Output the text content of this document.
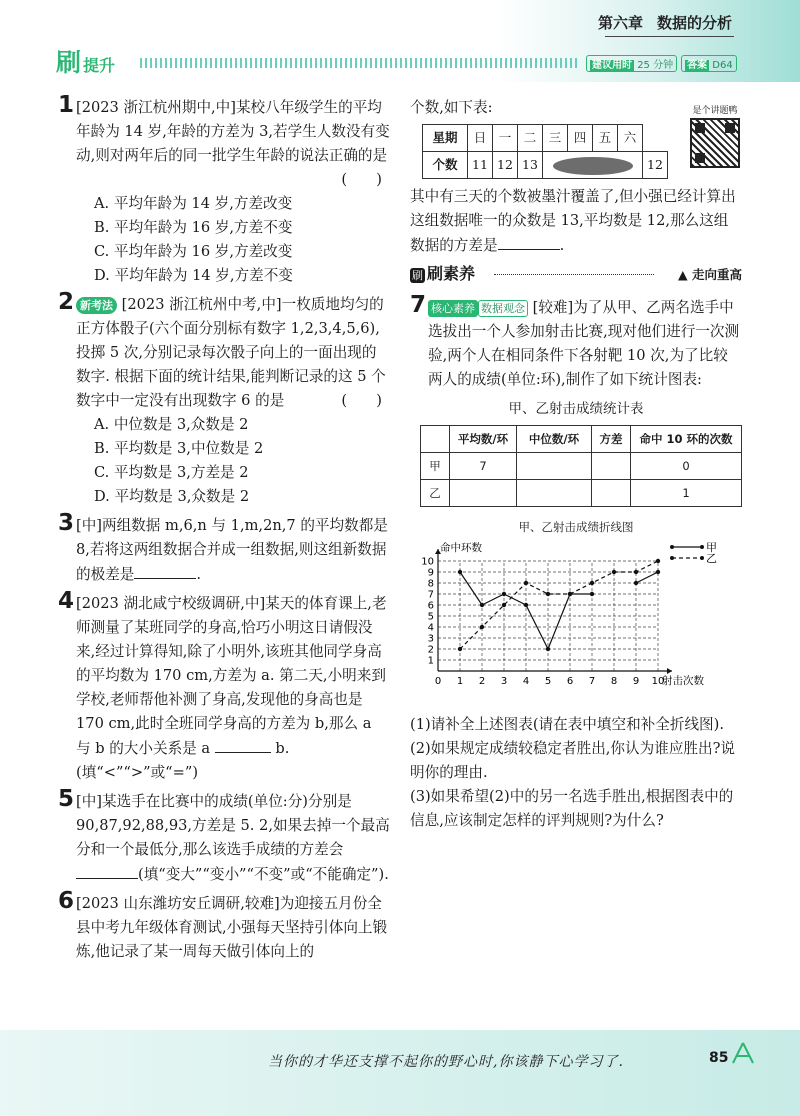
第六章 数据的分析
刷提升	建议用时 25 分钟 答案 D64
1 [2023 浙江杭州期中,中]某校八年级学生的平均年龄为 14 岁,年龄的方差为 3,若学生人数没有变动,则对两年后的同一批学生年龄的说法正确的是
(　　)
A. 平均年龄为 14 岁,方差改变
B. 平均年龄为 16 岁,方差不变
C. 平均年龄为 16 岁,方差改变
D. 平均年龄为 14 岁,方差不变
2 新考法 [2023 浙江杭州中考,中]一枚质地均匀的正方体骰子(六个面分别标有数字 1,2,3,4,5,6),投掷 5 次,分别记录每次骰子向上的一面出现的数字. 根据下面的统计结果,能判断记录的这 5 个数字中一定没有出现数字 6 的是	(　　)
A. 中位数是 3,众数是 2
B. 平均数是 3,中位数是 2
C. 平均数是 3,方差是 2
D. 平均数是 3,众数是 2
3 [中]两组数据 m,6,n 与 1,m,2n,7 的平均数都是 8,若将这两组数据合并成一组数据,则这组新数据的极差是	.
4 [2023 湖北咸宁校级调研,中]某天的体育课上,老师测量了某班同学的身高,恰巧小明这日请假没来,经过计算得知,除了小明外,该班其他同学身高的平均数为 170 cm,方差为 a. 第二天,小明来到学校,老师帮他补测了身高,发现他的身高也是 170 cm,此时全班同学身高的方差为 b,那么 a 与 b 的大小关系是 a	b.
(填“<”“>”或“=”)
5 [中]某选手在比赛中的成绩(单位:分)分别是 90,87,92,88,93,方差是 5. 2,如果去掉一个最高分和一个最低分,那么该选手成绩的方差会 (填“变大”“变小”“不变”或“不能确定”).
6 [2023 山东潍坊安丘调研,较难]为迎接五月份全县中考九年级体育测试,小强每天坚持引体向上锻炼,他记录了某一周每天做引体向上的
个数,如下表:
星期	日	一	二	三	四	五	六	
个数	11	12	13					12
其中有三天的个数被墨汁覆盖了,但小强已经计算出这组数据唯一的众数是 13,平均数是 12,那么这组数据的方差是	.
刷 刷素养	▲ 走向重高
7 核心素养 数据观念 [较难]为了从甲、乙两名选手中选拔出一个人参加射击比赛,现对他们进行一次测验,两个人在相同条件下各射靶 10 次,为了比较两人的成绩(单位:环),制作了如下统计图表:
甲、乙射击成绩统计表
	平均数/环	中位数/环	方差	命中 10 环的次数
甲	7			0
乙				1
甲、乙射击成绩折线图
0 1 2 3 4 5 6 7 8 9 10
1
2
3
4
5
6
7
8
9
10
命中环数
射击次数
甲
乙
(1)请补全上述图表(请在表中填空和补全折线图).
(2)如果规定成绩较稳定者胜出,你认为谁应胜出?说明你的理由.
(3)如果希望(2)中的另一名选手胜出,根据图表中的信息,应该制定怎样的评判规则?为什么?
是个讲题鸭
当你的才华还支撑不起你的野心时,你该静下心学习了.	85
